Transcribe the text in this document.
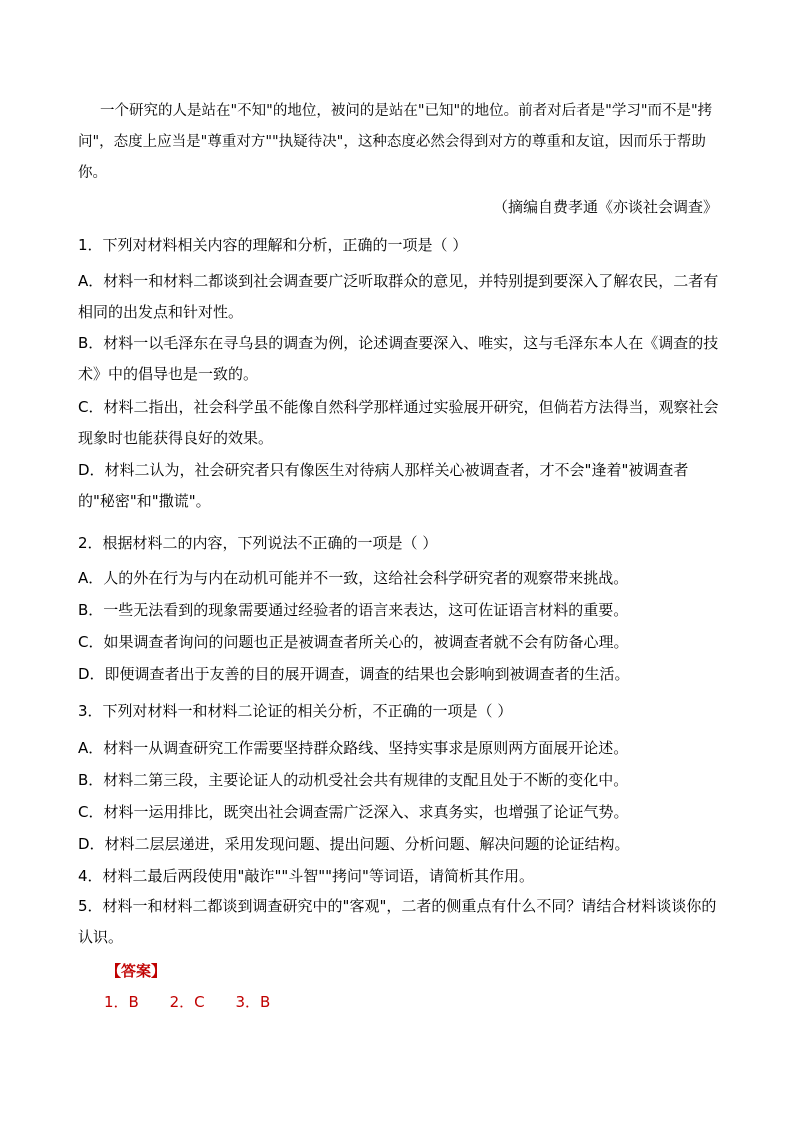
一个研究的人是站在"不知"的地位，被问的是站在"已知"的地位。前者对后者是"学习"而不是"拷问"，态度上应当是"尊重对方""执疑待决"，这种态度必然会得到对方的尊重和友谊，因而乐于帮助你。
（摘编自费孝通《亦谈社会调查》
1．下列对材料相关内容的理解和分析，正确的一项是（ ）
A．材料一和材料二都谈到社会调查要广泛听取群众的意见，并特别提到要深入了解农民，二者有相同的出发点和针对性。
B．材料一以毛泽东在寻乌县的调查为例，论述调查要深入、唯实，这与毛泽东本人在《调查的技术》中的倡导也是一致的。
C．材料二指出，社会科学虽不能像自然科学那样通过实验展开研究，但倘若方法得当，观察社会现象时也能获得良好的效果。
D．材料二认为，社会研究者只有像医生对待病人那样关心被调查者，才不会"逢着"被调查者的"秘密"和"撒谎"。
2．根据材料二的内容，下列说法不正确的一项是（ ）
A．人的外在行为与内在动机可能并不一致，这给社会科学研究者的观察带来挑战。
B．一些无法看到的现象需要通过经验者的语言来表达，这可佐证语言材料的重要。
C．如果调查者询问的问题也正是被调查者所关心的，被调查者就不会有防备心理。
D．即便调查者出于友善的目的展开调查，调查的结果也会影响到被调查者的生活。
3．下列对材料一和材料二论证的相关分析，不正确的一项是（ ）
A．材料一从调查研究工作需要坚持群众路线、坚持实事求是原则两方面展开论述。
B．材料二第三段，主要论证人的动机受社会共有规律的支配且处于不断的变化中。
C．材料一运用排比，既突出社会调查需广泛深入、求真务实，也增强了论证气势。
D．材料二层层递进，采用发现问题、提出问题、分析问题、解决问题的论证结构。
4．材料二最后两段使用"敲诈""斗智""拷问"等词语，请简析其作用。
5．材料一和材料二都谈到调查研究中的"客观"，二者的侧重点有什么不同？请结合材料谈谈你的认识。
【答案】
1．B 2．C 3．B
